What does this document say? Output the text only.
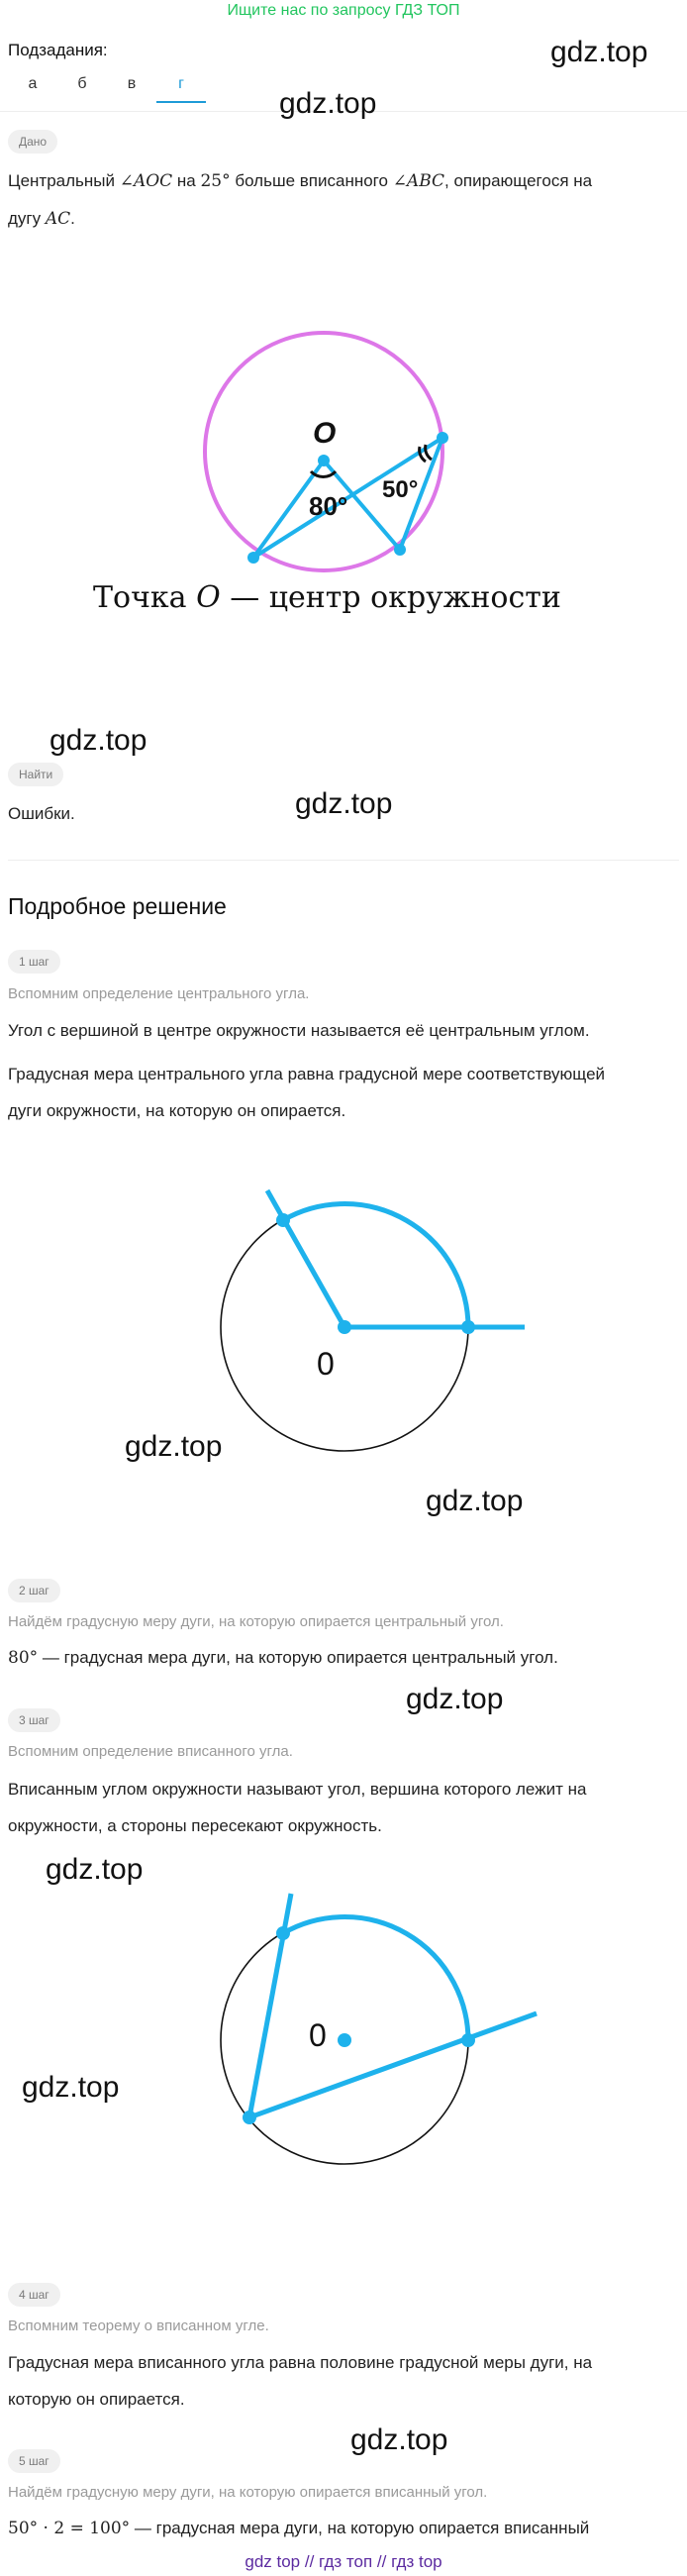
Ищите нас по запросу ГДЗ ТОП
Подзадания:
а	б	в	г
gdz.top
gdz.top
gdz.top
gdz.top
gdz.top
gdz.top
gdz.top
gdz.top
gdz.top
gdz.top
Дано
Центральный ∠AOC на 25° больше вписанного ∠ABC, опирающегося на
дугу AC.
O
80°
50°
Точка O — центр окружности
Найти
Ошибки.
Подробное решение
1 шаг
Вспомним определение центрального угла.
Угол с вершиной в центре окружности называется её центральным углом.
Градусная мера центрального угла равна градусной мере соответствующей
дуги окружности, на которую он опирается.
0
2 шаг
Найдём градусную меру дуги, на которую опирается центральный угол.
80° — градусная мера дуги, на которую опирается центральный угол.
3 шаг
Вспомним определение вписанного угла.
Вписанным углом окружности называют угол, вершина которого лежит на
окружности, а стороны пересекают окружность.
0
4 шаг
Вспомним теорему о вписанном угле.
Градусная мера вписанного угла равна половине градусной меры дуги, на
которую он опирается.
5 шаг
Найдём градусную меру дуги, на которую опирается вписанный угол.
50° · 2 = 100° — градусная мера дуги, на которую опирается вписанный
gdz top // гдз топ // гдз top
